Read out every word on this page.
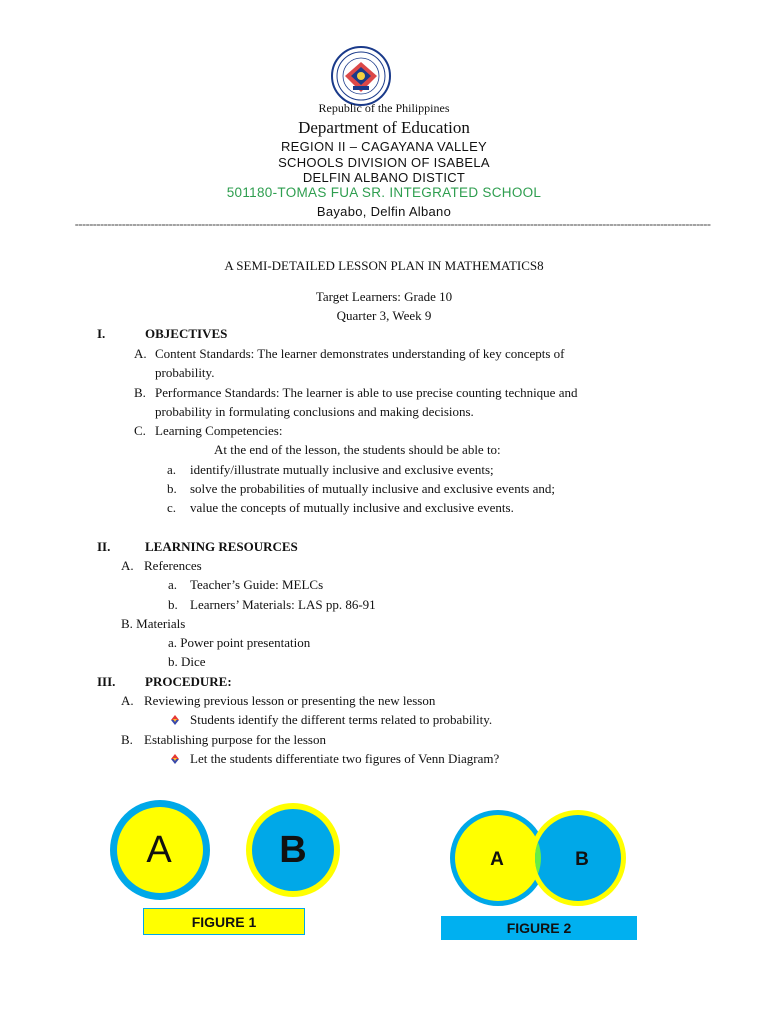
Republic of the Philippines
Department of Education
REGION II – CAGAYANA VALLEY
SCHOOLS DIVISION OF ISABELA
DELFIN ALBANO DISTICT
501180-TOMAS FUA SR. INTEGRATED SCHOOL
Bayabo, Delfin Albano
================================================================================================================================================================================
A SEMI-DETAILED LESSON PLAN IN MATHEMATICS8
Target Learners: Grade 10
Quarter 3, Week 9
I.	OBJECTIVES
A. Content Standards: The learner demonstrates understanding of key concepts of
probability.
B. Performance Standards: The learner is able to use precise counting technique and
probability in formulating conclusions and making decisions.
C. Learning Competencies:
At the end of the lesson, the students should be able to:
a. identify/illustrate mutually inclusive and exclusive events;
b. solve the probabilities of mutually inclusive and exclusive events and;
c. value the concepts of mutually inclusive and exclusive events.
II.	LEARNING RESOURCES
A. References
a. Teacher’s Guide: MELCs
b. Learners’ Materials: LAS pp. 86-91
B. Materials
a. Power point presentation
b. Dice
III. PROCEDURE:
A. Reviewing previous lesson or presenting the new lesson
Students identify the different terms related to probability.
B. Establishing purpose for the lesson
Let the students differentiate two figures of Venn Diagram?
A	B
FIGURE 1
A	B
FIGURE 2
